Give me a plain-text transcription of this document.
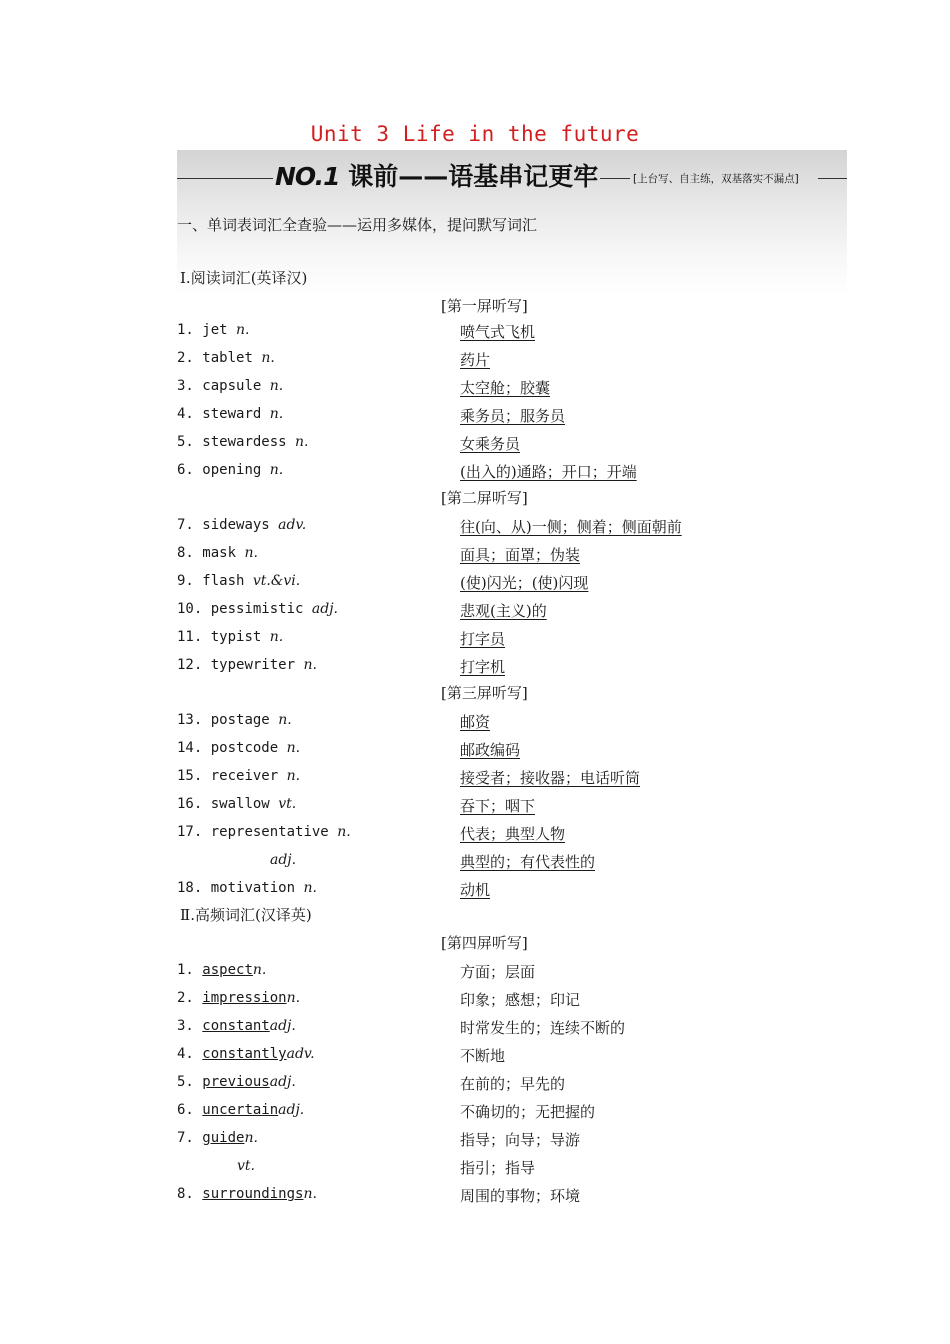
Unit 3 Life in the future
NO.1 课前——语基串记更牢	[上台写、自主练，双基落实不漏点]
一、单词表词汇全查验——运用多媒体，提问默写词汇
Ⅰ.阅读词汇(英译汉)
[第一屏听写]
1. jet n.	喷气式飞机
2. tablet n.	药片
3. capsule n.	太空舱；胶囊
4. steward n.	乘务员；服务员
5. stewardess n.	女乘务员
6. opening n.	(出入的)通路；开口；开端
[第二屏听写]
7. sideways adv.	往(向、从)一侧；侧着；侧面朝前
8. mask n.	面具；面罩；伪装
9. flash vt.&vi.	(使)闪光；(使)闪现
10. pessimistic adj.	悲观(主义)的
11. typist n.	打字员
12. typewriter n.	打字机
[第三屏听写]
13. postage n.	邮资
14. postcode n.	邮政编码
15. receiver n.	接受者；接收器；电话听筒
16. swallow vt.	吞下；咽下
17. representative n.	代表；典型人物
adj.	典型的；有代表性的
18. motivation n.	动机
Ⅱ.高频词汇(汉译英)
[第四屏听写]
1. aspectn.	方面；层面
2. impressionn.	印象；感想；印记
3. constantadj.	时常发生的；连续不断的
4. constantlyadv.	不断地
5. previousadj.	在前的；早先的
6. uncertainadj.	不确切的；无把握的
7. guiden.	指导；向导；导游
vt.	指引；指导
8. surroundingsn.	周围的事物；环境
